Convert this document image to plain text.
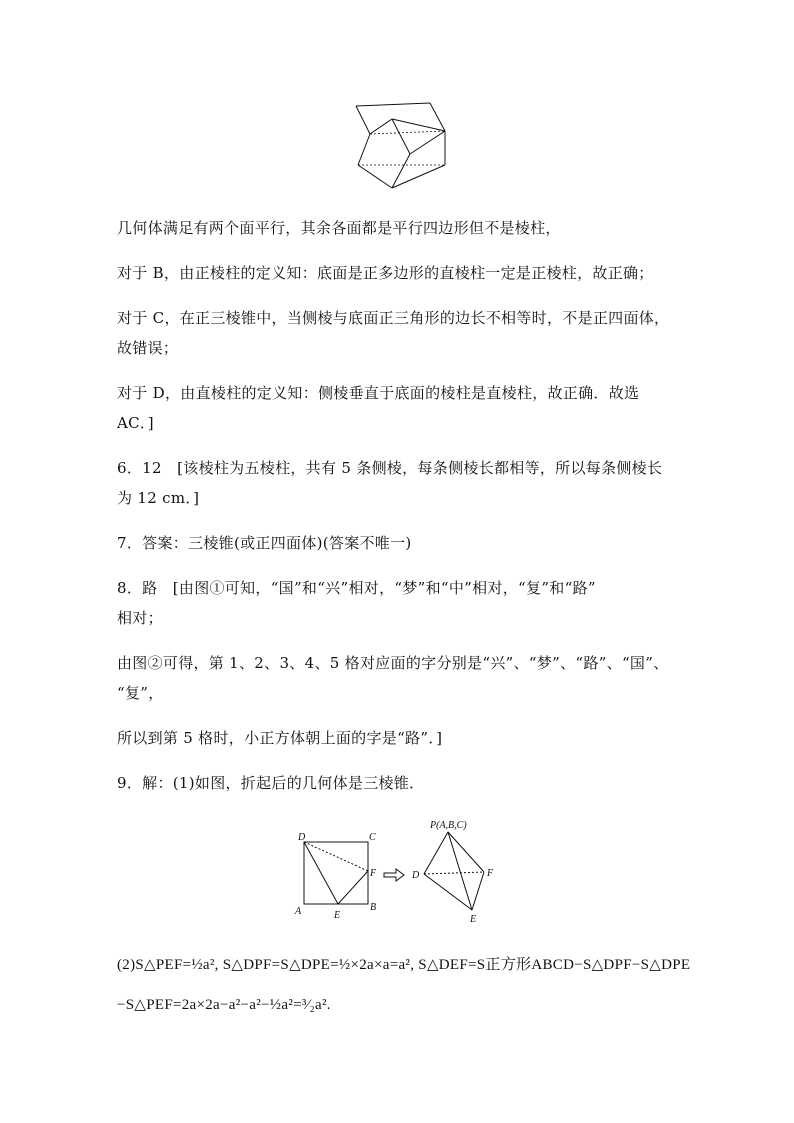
几何体满足有两个面平行，其余各面都是平行四边形但不是棱柱，
对于 B，由正棱柱的定义知：底面是正多边形的直棱柱一定是正棱柱，故正确；
对于 C，在正三棱锥中，当侧棱与底面正三角形的边长不相等时，不是正四面体，
故错误；
对于 D，由直棱柱的定义知：侧棱垂直于底面的棱柱是直棱柱，故正确．故选
AC．]
6．12　[该棱柱为五棱柱，共有 5 条侧棱，每条侧棱长都相等，所以每条侧棱长
为 12 cm．]
7．答案：三棱锥(或正四面体)(答案不唯一)
8．路　[由图①可知，“国”和“兴”相对，“梦”和“中”相对，“复”和“路”
相对；
由图②可得，第 1、2、3、4、5 格对应面的字分别是“兴”、“梦”、“路”、“国”、
“复”，
所以到第 5 格时，小正方体朝上面的字是“路”．]
9．解：(1)如图，折起后的几何体是三棱锥．
D	C
A	B
E
F
P(A,B,C)
D	F
E
(2)S△PEF=½a², S△DPF=S△DPE=½×2a×a=a², S△DEF=S正方形ABCD−S△DPF−S△DPE
−S△PEF=2a×2a−a²−a²−½a²=³⁄₂a².
